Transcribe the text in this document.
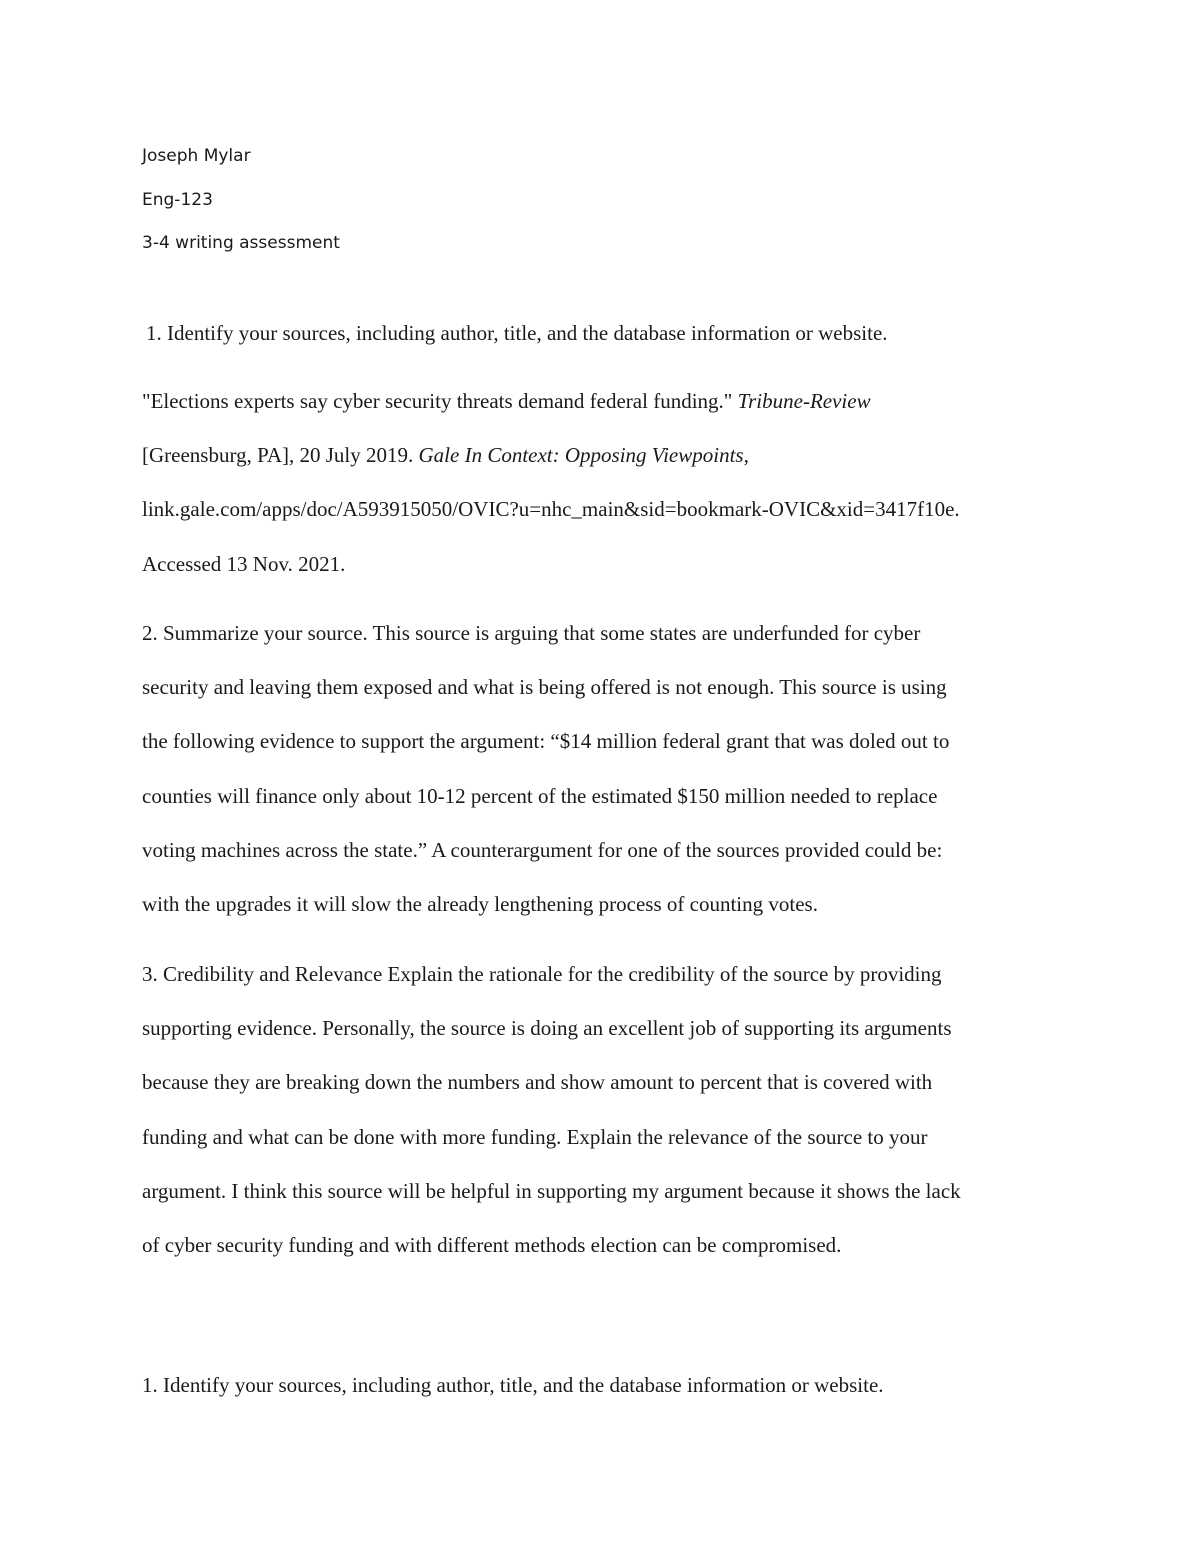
Joseph Mylar
Eng-123
3-4 writing assessment
1. Identify your sources, including author, title, and the database information or website.
"Elections experts say cyber security threats demand federal funding." Tribune-Review
[Greensburg, PA], 20 July 2019. Gale In Context: Opposing Viewpoints,
link.gale.com/apps/doc/A593915050/OVIC?u=nhc_main&sid=bookmark-OVIC&xid=3417f10e.
Accessed 13 Nov. 2021.
2. Summarize your source. This source is arguing that some states are underfunded for cyber
security and leaving them exposed and what is being offered is not enough. This source is using
the following evidence to support the argument: “$14 million federal grant that was doled out to
counties will finance only about 10-12 percent of the estimated $150 million needed to replace
voting machines across the state.” A counterargument for one of the sources provided could be:
with the upgrades it will slow the already lengthening process of counting votes.
3. Credibility and Relevance Explain the rationale for the credibility of the source by providing
supporting evidence. Personally, the source is doing an excellent job of supporting its arguments
because they are breaking down the numbers and show amount to percent that is covered with
funding and what can be done with more funding. Explain the relevance of the source to your
argument. I think this source will be helpful in supporting my argument because it shows the lack
of cyber security funding and with different methods election can be compromised.
1. Identify your sources, including author, title, and the database information or website.
